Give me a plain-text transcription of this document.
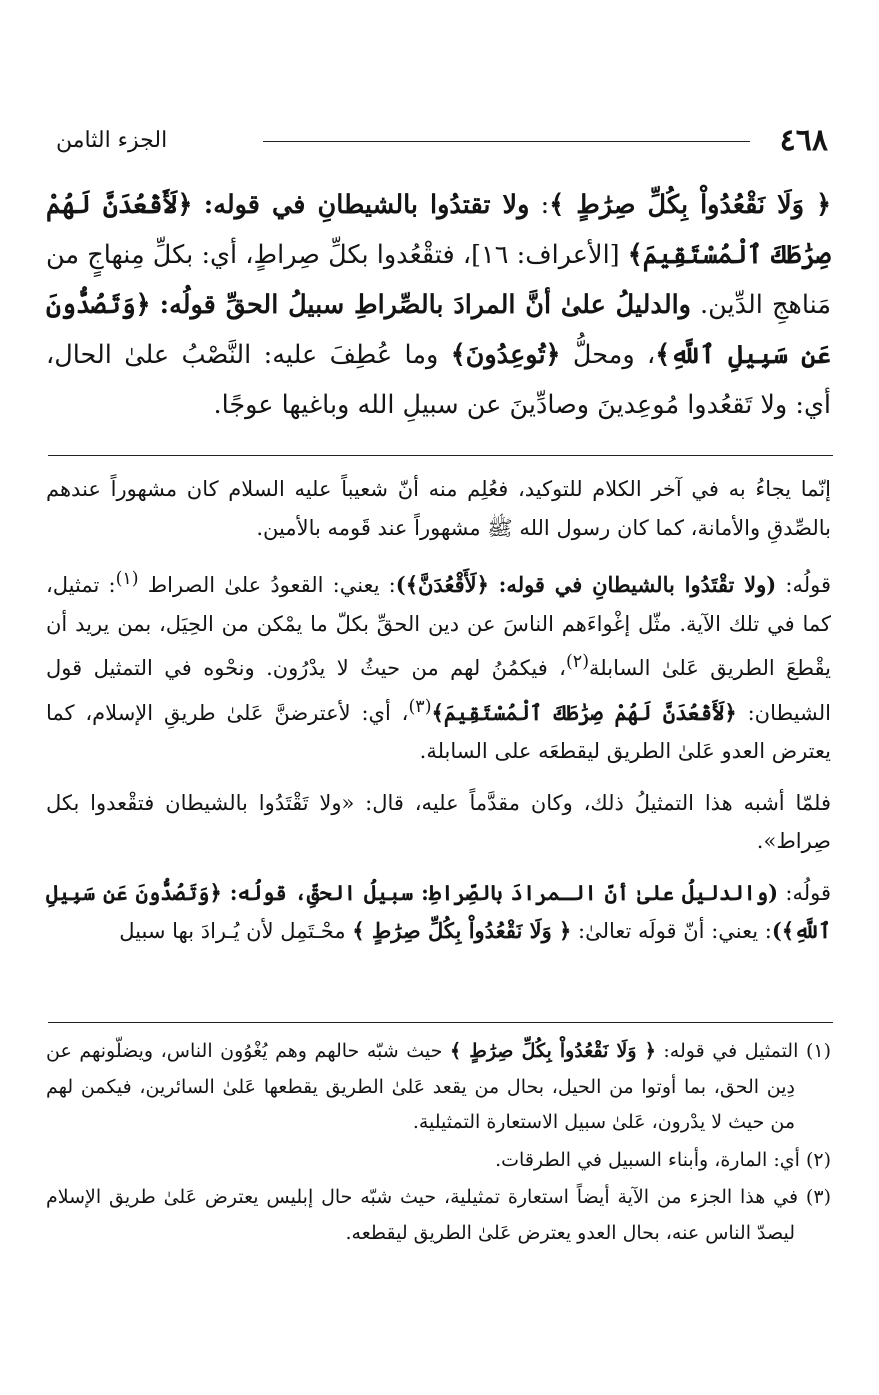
٤٦٨
الجزء الثامن

﴿ وَلَا نَقْعُدُواْ بِكُلِّ صِرَٰطٍ ﴾: ولا تقتدُوا بالشيطانِ في قوله: ﴿لَأَقْعُدَنَّ لَهُمْ صِرَٰطَكَ ٱلْمُسْتَقِيمَ﴾ [الأعراف: ١٦]، فتقْعُدوا بكلِّ صِراطٍ، أي: بكلِّ مِنهاجٍ من مَناهجِ الدِّين. والدليلُ علىٰ أنَّ المرادَ بالصِّراطِ سبيلُ الحقِّ قولُه: ﴿وَتَصُدُّونَ عَن سَبِيلِ ٱللَّهِ﴾، ومحلُّ ﴿تُوعِدُونَ﴾ وما عُطِفَ عليه: النَّصْبُ علىٰ الحال، أي: ولا تَقعُدوا مُوعِدينَ وصادِّينَ عن سبيلِ الله وباغيها عوجًا.

إنّما يجاءُ به في آخر الكلام للتوكيد، فعُلِم منه أنّ شعيباً عليه السلام كان مشهوراً عندهم بالصِّدقِ والأمانة، كما كان رسول الله ﷺ مشهوراً عند قَومه بالأمين.

قولُه: (ولا تقْتَدُوا بالشيطانِ في قوله: ﴿لَأَقْعُدَنَّ﴾): يعني: القعودُ علىٰ الصراط $^{(١)}$: تمثيل، كما في تلك الآية. مثّل إغْواءَهم الناسَ عن دين الحقِّ بكلّ ما يمْكن من الحِيَل، بمن يريد أن يقْطعَ الطريق عَلىٰ السابلة$^{(٢)}$، فيكمُنُ لهم من حيثُ لا يدْرُون. ونحْوه في التمثيل قول الشيطان: ﴿لَأَقْعُدَنَّ لَهُمْ صِرَٰطَكَ ٱلْمُسْتَقِيمَ﴾$^{(٣)}$، أي: لأعترضنَّ عَلىٰ طريقِ الإسلام، كما يعترض العدو عَلىٰ الطريق ليقطعَه على السابلة.

فلمّا أشبه هذا التمثيلُ ذلك، وكان مقدَّماً عليه، قال: «ولا تَقْتَدُوا بالشيطان فتقْعدوا بكل صِراط».

قولُه: (والدليلُ علىٰ أنّ الـمرادَ بالصِّراطِ: سبيلُ الحقِّ، قولُه: ﴿وَتَصُدُّونَ عَن سَبِيلِ ٱللَّهِ﴾): يعني: أنّ قولَه تعالىٰ: ﴿ وَلَا نَقْعُدُواْ بِكُلِّ صِرَٰطٍ ﴾ محْـتَمِل لأن يُـرادَ بها سبيل

(١) التمثيل في قوله: ﴿ وَلَا نَقْعُدُواْ بِكُلِّ صِرَٰطٍ ﴾ حيث شبّه حالهم وهم يُغْوُون الناس، ويضلّونهم عن دِين الحق، بما أوتوا من الحيل، بحال من يقعد عَلىٰ الطريق يقطعها عَلىٰ السائرين، فيكمن لهم من حيث لا يدْرون، عَلىٰ سبيل الاستعارة التمثيلية.

(٢) أي: المارة، وأبناء السبيل في الطرقات.

(٣) في هذا الجزء من الآية أيضاً استعارة تمثيلية، حيث شبّه حال إبليس يعترض عَلىٰ طريق الإسلام ليصدّ الناس عنه، بحال العدو يعترض عَلىٰ الطريق ليقطعه.
